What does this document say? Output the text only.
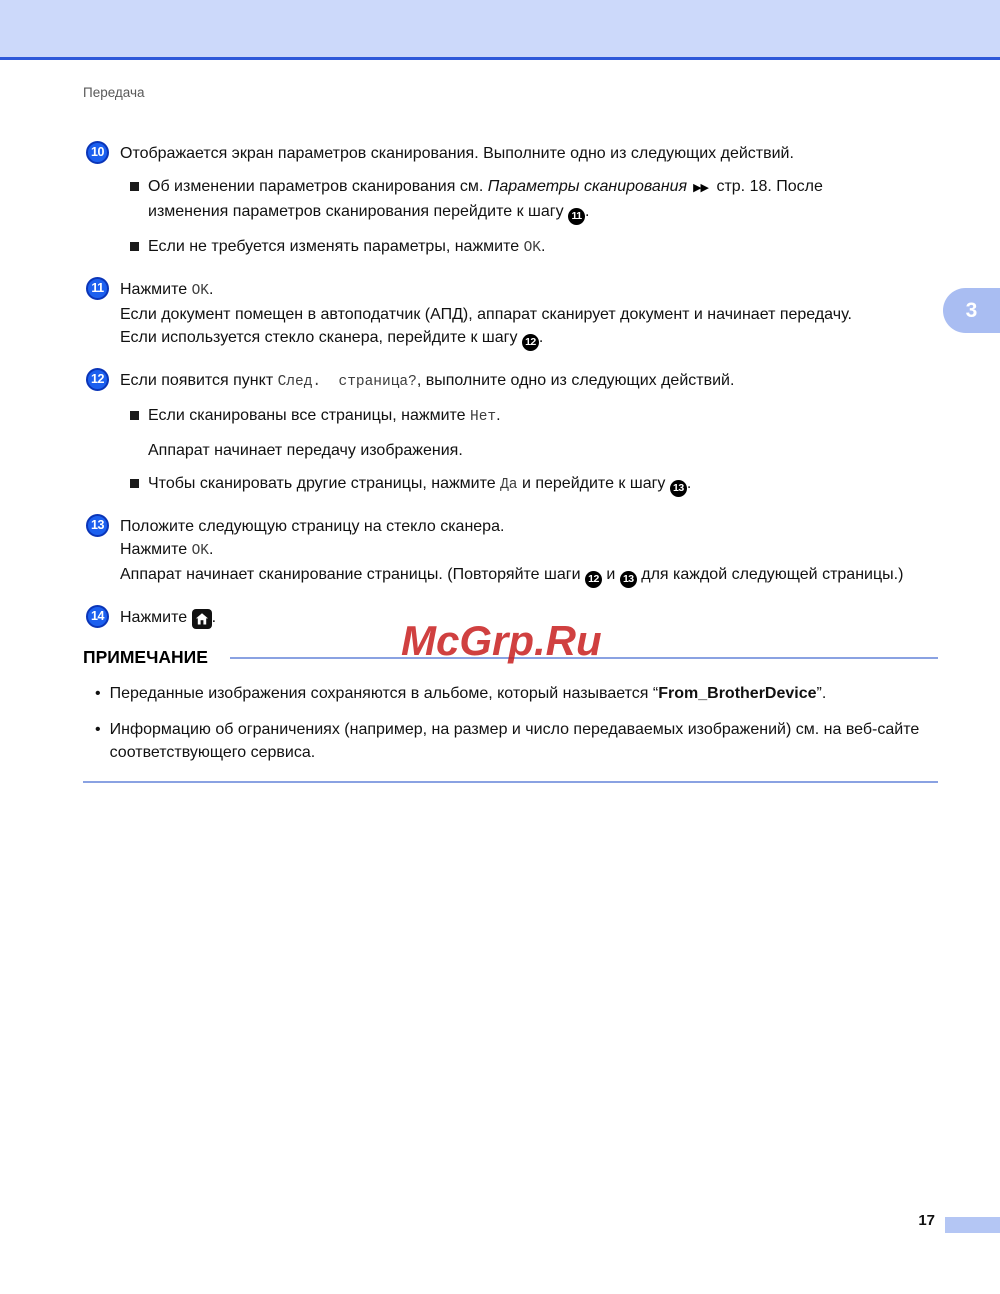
Передача
3
10	Отображается экран параметров сканирования. Выполните одно из следующих действий.

Об изменении параметров сканирования см. Параметры сканирования ▶▶ стр. 18. После изменения параметров сканирования перейдите к шагу 11 .

Если не требуется изменять параметры, нажмите OK.

11	Нажмите OK.

Если документ помещен в автоподатчик (АПД), аппарат сканирует документ и начинает передачу.

Если используется стекло сканера, перейдите к шагу 12 .

12	Если появится пункт След.  страница?, выполните одно из следующих действий.

Если сканированы все страницы, нажмите Нет.

Аппарат начинает передачу изображения.

Чтобы сканировать другие страницы, нажмите Да и перейдите к шагу 13 .

13	Положите следующую страницу на стекло сканера.

Нажмите OK.

Аппарат начинает сканирование страницы. (Повторяйте шаги 12 и 13 для каждой следующей страницы.)

14	Нажмите
.

ПРИМЕЧАНИЕ
• Переданные изображения сохраняются в альбоме, который называется “From_BrotherDevice”.

• Информацию об ограничениях (например, на размер и число передаваемых изображений) см. на веб-сайте соответствующего сервиса.

McGrp.Ru
17
